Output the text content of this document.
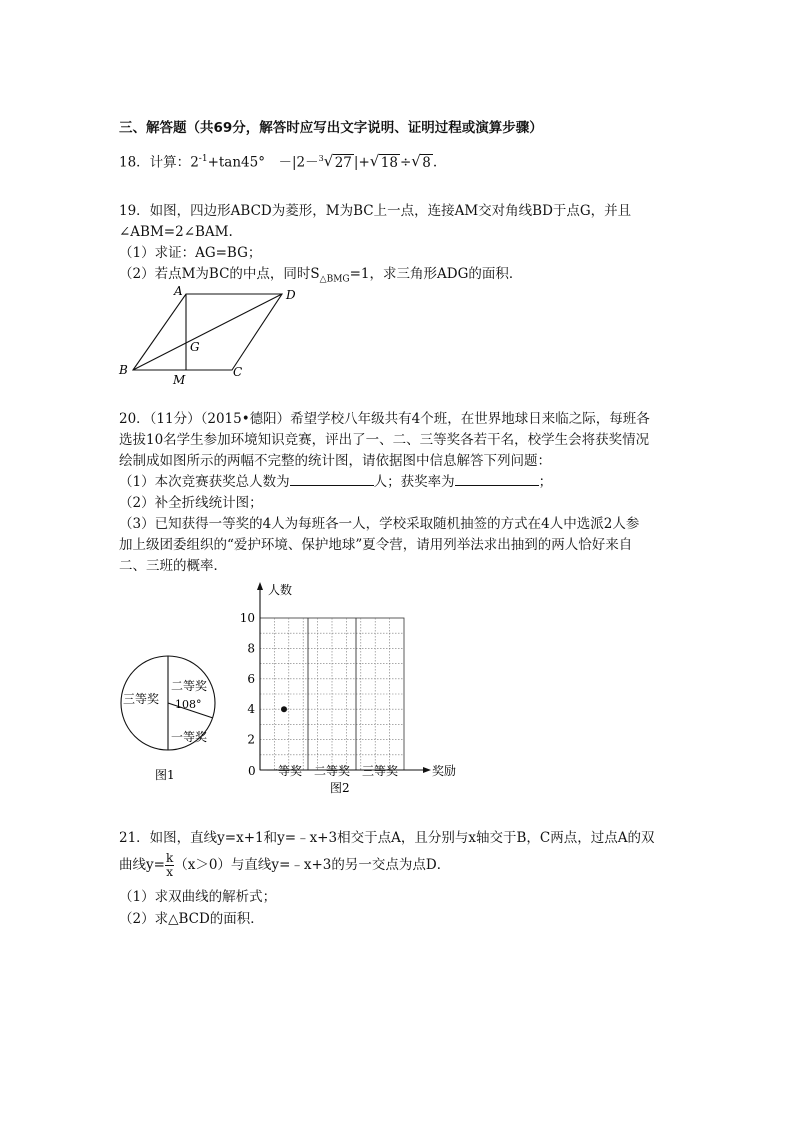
三、解答题（共69分，解答时应写出文字说明、证明过程或演算步骤）
18．计算：$2^{-1}+\tan 45^\circ$　－|2－$^3$ √ 27 |+ √ 18 ÷ √ 8 .
19．如图，四边形ABCD为菱形，M为BC上一点，连接AM交对角线BD于点G，并且
∠ABM=2∠BAM.
（1）求证：AG=BG；
（2）若点M为BC的中点，同时$S_{\triangle BMG}=1$，求三角形ADG的面积．
A	D
B	C
G
M
20．（11分）（2015•德阳）希望学校八年级共有4个班，在世界地球日来临之际，每班各
选拔10名学生参加环境知识竞赛，评出了一、二、三等奖各若干名，校学生会将获奖情况
绘制成如图所示的两幅不完整的统计图，请依据图中信息解答下列问题：
（1）本次竞赛获奖总人数为	人；获奖率为	；
（2）补全折线统计图；
（3）已知获得一等奖的4人为每班各一人，学校采取随机抽签的方式在4人中选派2人参
加上级团委组织的“爱护环境、保护地球”夏令营，请用列举法求出抽到的两人恰好来自
二、三班的概率．
三等奖
二等奖
108°
一等奖
图1
人数
奖励
0
2
4
6
8
10
一等奖 二等奖 三等奖
图2
21．如图，直线y=x+1和y=﹣x+3相交于点A，且分别与x轴交于B，C两点，过点A的双
曲线$y= \frac{k}{x} (x>0)$与直线y=﹣x+3的另一交点为点D．
（1）求双曲线的解析式；
（2）求△BCD的面积．
